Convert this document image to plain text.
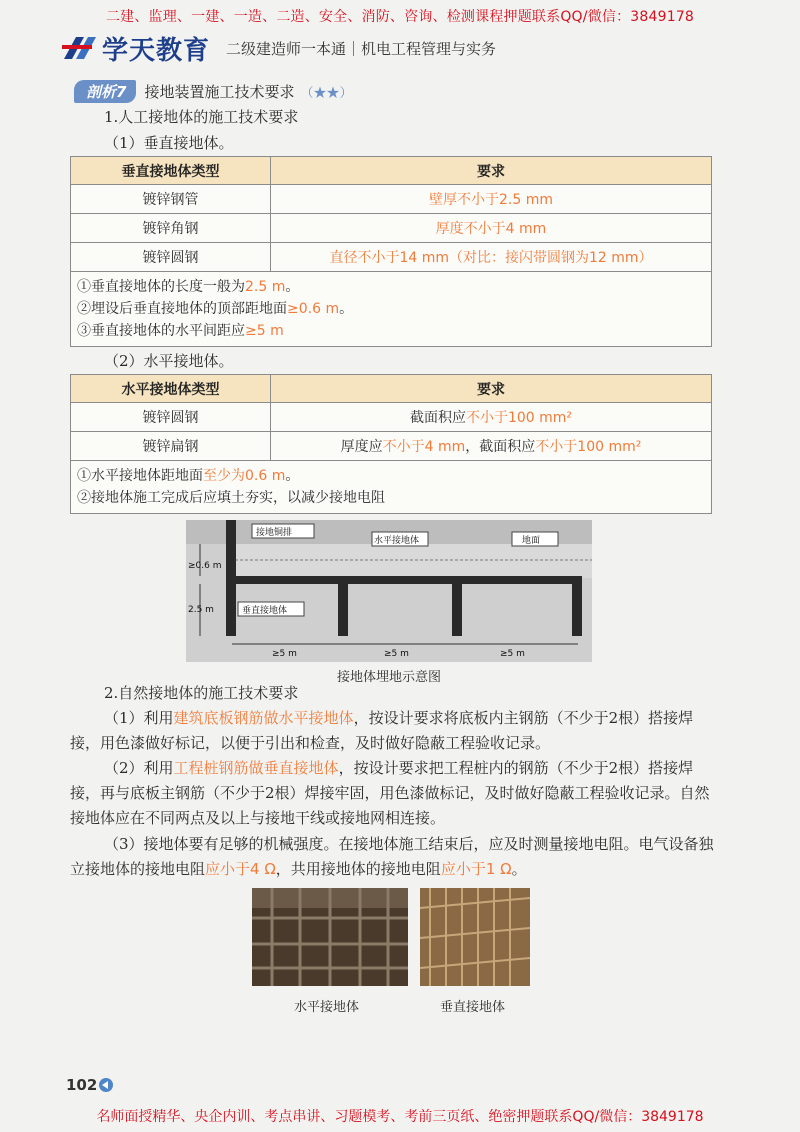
二建、监理、一建、一造、二造、安全、消防、咨询、检测课程押题联系QQ/微信：3849178
学天教育 二级建造师一本通｜机电工程管理与实务
剖析7	接地装置施工技术要求 （★★）
1.人工接地体的施工技术要求
（1）垂直接地体。
垂直接地体类型	要求
镀锌钢管	壁厚不小于2.5 mm
镀锌角钢	厚度不小于4 mm
镀锌圆钢	直径不小于14 mm（对比：接闪带圆钢为12 mm）

①垂直接地体的长度一般为2.5 m。
②埋设后垂直接地体的顶部距地面≥0.6 m。
③垂直接地体的水平间距应≥5 m	
（2）水平接地体。
水平接地体类型	要求
镀锌圆钢	截面积应不小于100 mm²
镀锌扁钢	厚度应不小于4 mm，截面积应不小于100 mm²

①水平接地体距地面至少为0.6 m。
②接地体施工完成后应填土夯实，以减少接地电阻	
接地铜排
水平接地体	地面
≥0.6 m
2.5 m	垂直接地体
≥5 m	≥5 m	≥5 m
接地体埋地示意图
2.自然接地体的施工技术要求
（1）利用建筑底板钢筋做水平接地体，按设计要求将底板内主钢筋（不少于2根）搭接焊接，用色漆做好标记，以便于引出和检查，及时做好隐蔽工程验收记录。
（2）利用工程桩钢筋做垂直接地体，按设计要求把工程桩内的钢筋（不少于2根）搭接焊接，再与底板主钢筋（不少于2根）焊接牢固，用色漆做标记，及时做好隐蔽工程验收记录。自然接地体应在不同两点及以上与接地干线或接地网相连接。
（3）接地体要有足够的机械强度。在接地体施工结束后，应及时测量接地电阻。电气设备独立接地体的接地电阻应小于4 Ω，共用接地体的接地电阻应小于1 Ω。
水平接地体	垂直接地体
102
名师面授精华、央企内训、考点串讲、习题模考、考前三页纸、绝密押题联系QQ/微信：3849178
